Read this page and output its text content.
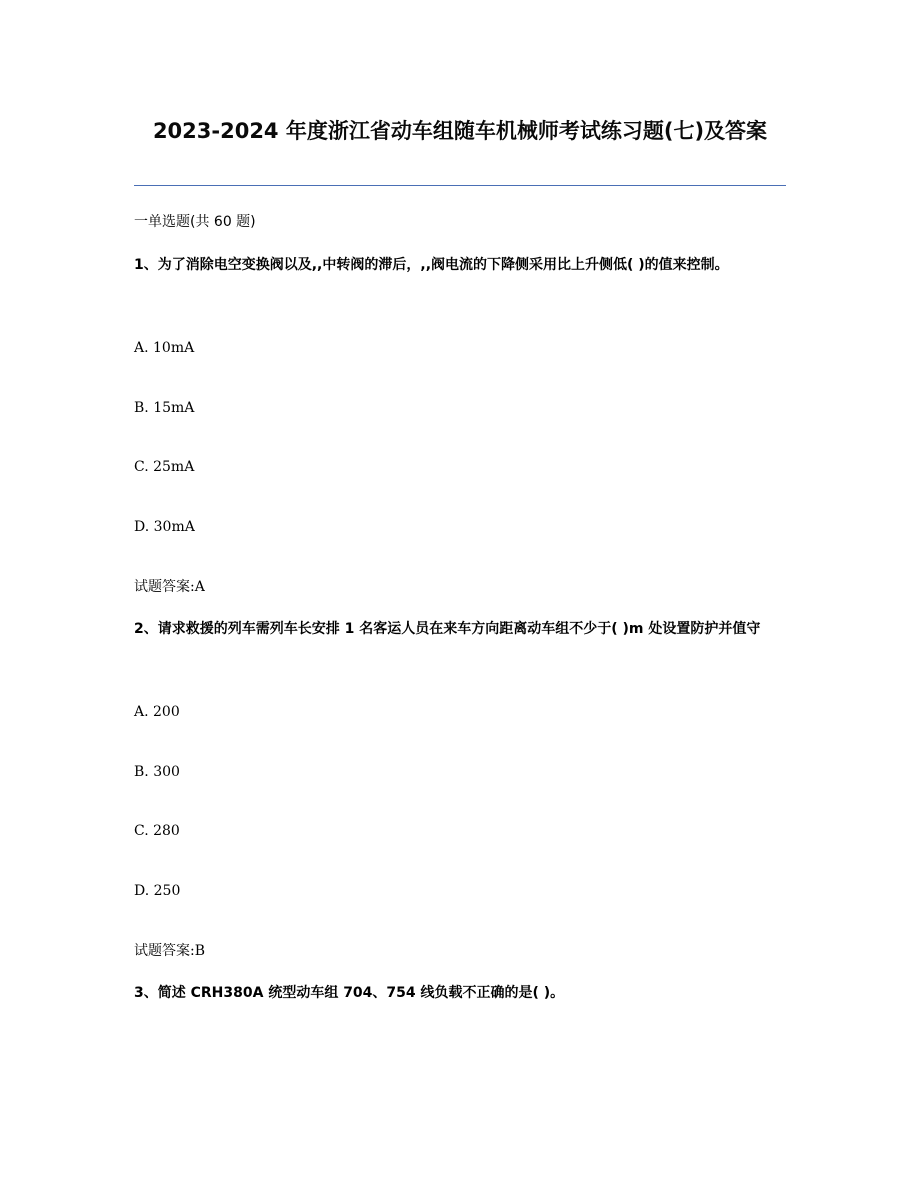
2023-2024 年度浙江省动车组随车机械师考试练习题(七)及答案

一单选题(共 60 题)

1、为了消除电空变换阀以及,,中转阀的滞后，,,阀电流的下降侧采用比上升侧低( )的值来控制。

A. 10mA

B. 15mA

C. 25mA

D. 30mA

试题答案:A

2、请求救援的列车需列车长安排 1 名客运人员在来车方向距离动车组不少于( )m 处设置防护并值守

A. 200

B. 300

C. 280

D. 250

试题答案:B

3、简述 CRH380A 统型动车组 704、754 线负载不正确的是( )。
